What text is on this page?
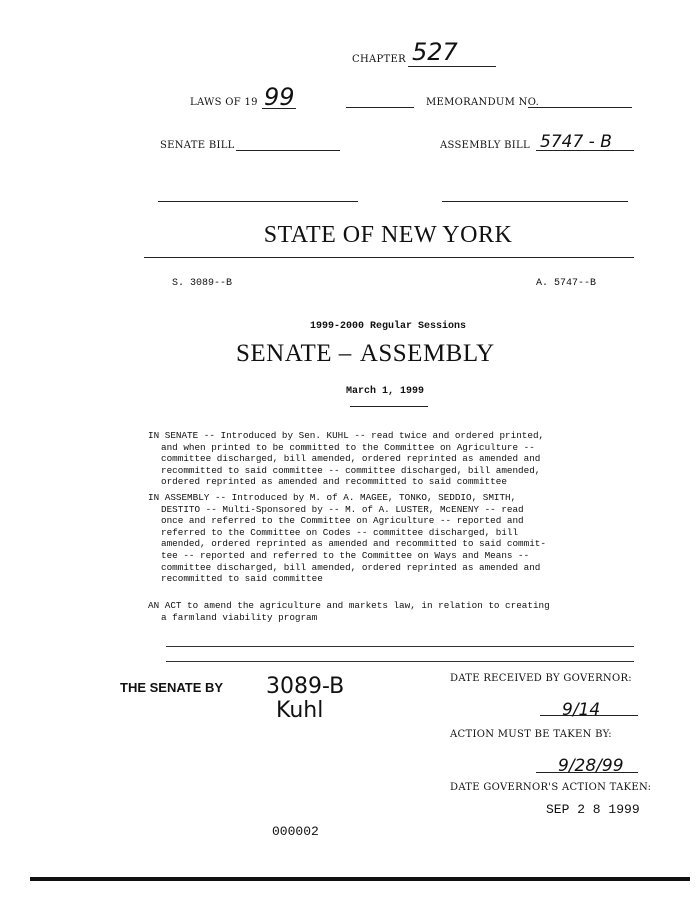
CHAPTER 527
LAWS OF 19 99	MEMORANDUM NO.
SENATE BILL	ASSEMBLY BILL 5747 - B
STATE OF NEW YORK
S. 3089--B	A. 5747--B
1999-2000 Regular Sessions
SENATE – ASSEMBLY
March 1, 1999

IN SENATE -- Introduced by Sen. KUHL -- read twice and ordered printed,

and when printed to be committed to the Committee on Agriculture --

committee discharged, bill amended, ordered reprinted as amended and

recommitted to said committee -- committee discharged, bill amended,

ordered reprinted as amended and recommitted to said committee

IN ASSEMBLY -- Introduced by M. of A. MAGEE, TONKO, SEDDIO, SMITH,

DESTITO -- Multi-Sponsored by -- M. of A. LUSTER, McENENY -- read

once and referred to the Committee on Agriculture -- reported and

referred to the Committee on Codes -- committee discharged, bill

amended, ordered reprinted as amended and recommitted to said commit-

tee -- reported and referred to the Committee on Ways and Means --

committee discharged, bill amended, ordered reprinted as amended and

recommitted to said committee

AN ACT to amend the agriculture and markets law, in relation to creating

a farmland viability program

THE SENATE BY 3089-B
Kuhl
DATE RECEIVED BY GOVERNOR:
9/14
ACTION MUST BE TAKEN BY:
9/28/99
DATE GOVERNOR'S ACTION TAKEN:
SEP 2 8 1999
000002
